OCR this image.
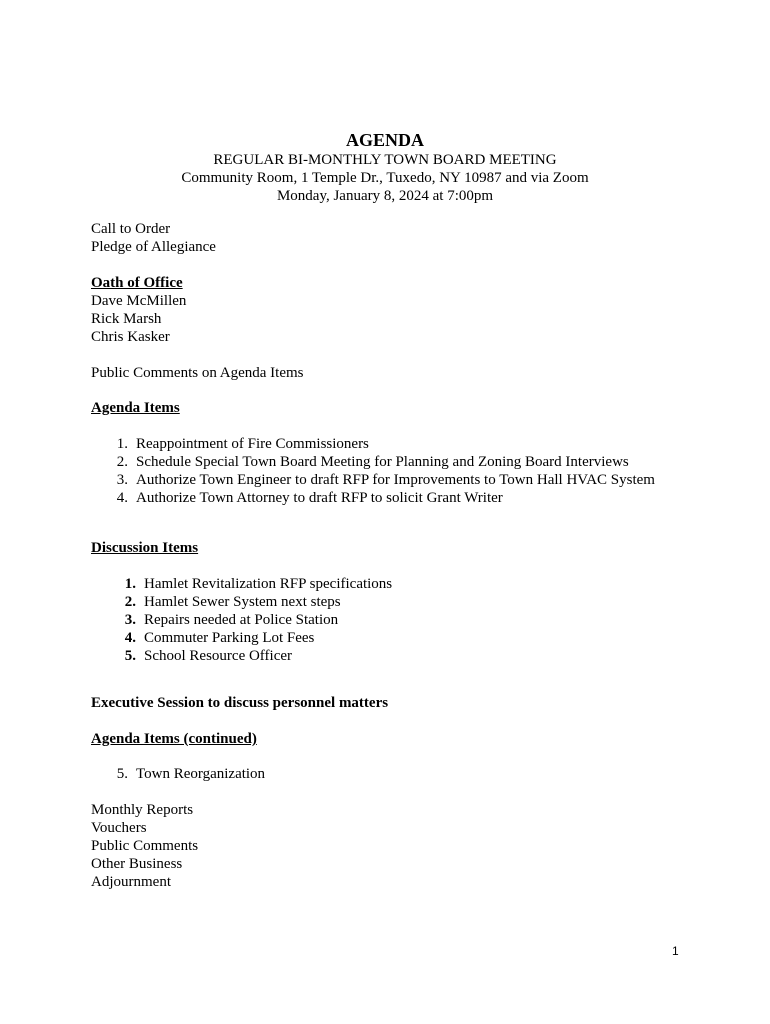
AGENDA

REGULAR BI-MONTHLY TOWN BOARD MEETING

Community Room, 1 Temple Dr., Tuxedo, NY 10987 and via Zoom

Monday, January 8, 2024 at 7:00pm

Call to Order
Pledge of Allegiance
Oath of Office
Dave McMillen
Rick Marsh
Chris Kasker
Public Comments on Agenda Items
Agenda Items
1. Reappointment of Fire Commissioners
2. Schedule Special Town Board Meeting for Planning and Zoning Board Interviews
3. Authorize Town Engineer to draft RFP for Improvements to Town Hall HVAC System
4. Authorize Town Attorney to draft RFP to solicit Grant Writer
Discussion Items
1. Hamlet Revitalization RFP specifications
2. Hamlet Sewer System next steps
3. Repairs needed at Police Station
4. Commuter Parking Lot Fees
5. School Resource Officer
Executive Session to discuss personnel matters
Agenda Items (continued)
5. Town Reorganization
Monthly Reports
Vouchers
Public Comments
Other Business
Adjournment
1
